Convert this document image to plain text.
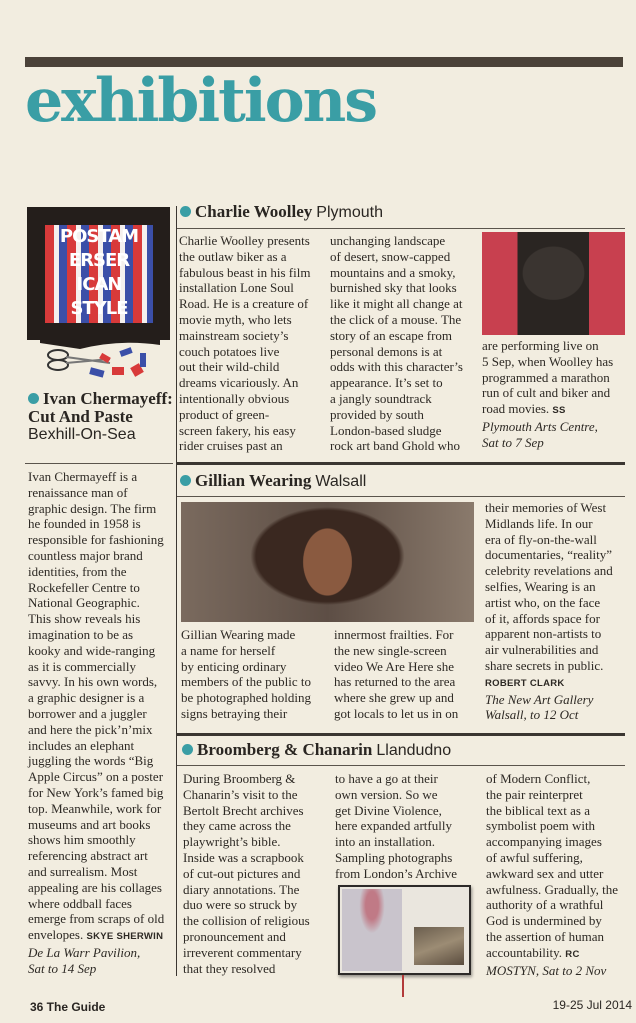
exhibitions
POSTAM
ERSER
ICAN
STYLE
Ivan Chermayeff: Cut And Paste Bexhill-On-Sea
Ivan Chermayeff is a
renaissance man of
graphic design. The firm
he founded in 1958 is
responsible for fashioning
countless major brand
identities, from the
Rockefeller Centre to
National Geographic.
This show reveals his
imagination to be as
kooky and wide-ranging
as it is commercially
savvy. In his own words,
a graphic designer is a
borrower and a juggler
and here the pick’n’mix
includes an elephant
juggling the words “Big
Apple Circus” on a poster
for New York’s famed big
top. Meanwhile, work for
museums and art books
shows him smoothly
referencing abstract art
and surrealism. Most
appealing are his collages
where oddball faces
emerge from scraps of old
envelopes. SKYE SHERWIN
De La Warr Pavilion,
Sat to 14 Sep
Charlie Woolley Plymouth
Charlie Woolley presents
the outlaw biker as a
fabulous beast in his film
installation Lone Soul
Road. He is a creature of
movie myth, who lets
mainstream society’s
couch potatoes live
out their wild-child
dreams vicariously. An
intentionally obvious
product of green-
screen fakery, his easy
rider cruises past an
unchanging landscape
of desert, snow-capped
mountains and a smoky,
burnished sky that looks
like it might all change at
the click of a mouse. The
story of an escape from
personal demons is at
odds with this character’s
appearance. It’s set to
a jangly soundtrack
provided by south
London-based sludge
rock art band Ghold who
are performing live on
5 Sep, when Woolley has
programmed a marathon
run of cult and biker and
road movies. SS
Plymouth Arts Centre,
Sat to 7 Sep
Gillian Wearing Walsall
Gillian Wearing made
a name for herself
by enticing ordinary
members of the public to
be photographed holding
signs betraying their
innermost frailties. For
the new single-screen
video We Are Here she
has returned to the area
where she grew up and
got locals to let us in on
their memories of West
Midlands life. In our
era of fly-on-the-wall
documentaries, “reality”
celebrity revelations and
selfies, Wearing is an
artist who, on the face
of it, affords space for
apparent non-artists to
air vulnerabilities and
share secrets in public.
ROBERT CLARK
The New Art Gallery
Walsall, to 12 Oct
Broomberg & Chanarin Llandudno
During Broomberg &
Chanarin’s visit to the
Bertolt Brecht archives
they came across the
playwright’s bible.
Inside was a scrapbook
of cut-out pictures and
diary annotations. The
duo were so struck by
the collision of religious
pronouncement and
irreverent commentary
that they resolved
to have a go at their
own version. So we
get Divine Violence,
here expanded artfully
into an installation.
Sampling photographs
from London’s Archive
of Modern Conflict,
the pair reinterpret
the biblical text as a
symbolist poem with
accompanying images
of awful suffering,
awkward sex and utter
awfulness. Gradually, the
authority of a wrathful
God is undermined by
the assertion of human
accountability. RC
MOSTYN, Sat to 2 Nov
36 The Guide	19-25 Jul 2014
